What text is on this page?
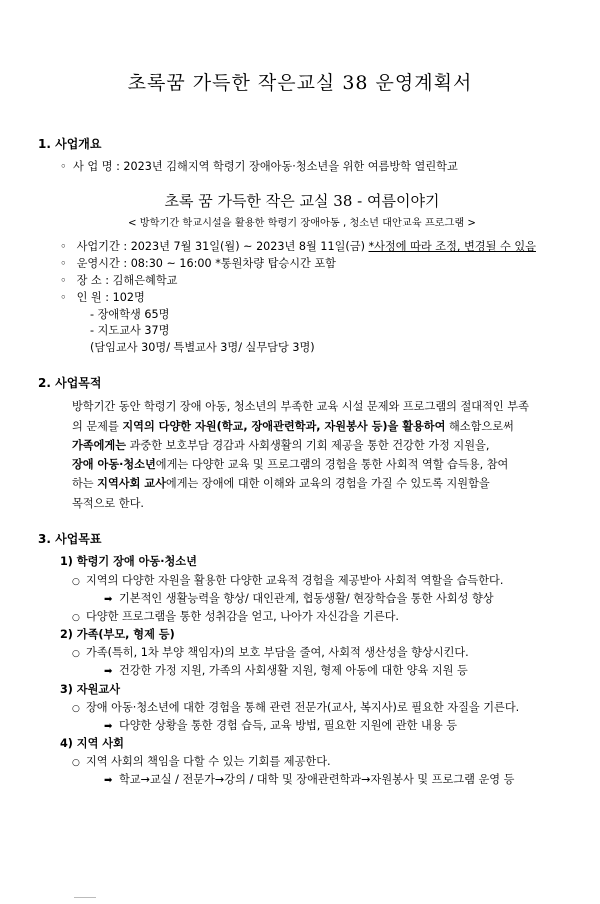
초록꿈 가득한 작은교실 38 운영계획서
1. 사업개요
◦ 사 업 명 : 2023년 김해지역 학령기 장애아동·청소년을 위한 여름방학 열린학교
초록 꿈 가득한 작은 교실 38 - 여름이야기
< 방학기간 학교시설을 활용한 학령기 장애아동 , 청소년 대안교육 프로그램 >
◦ 사업기간 : 2023년 7월 31일(월) ~ 2023년 8월 11일(금) *사정에 따라 조정, 변경될 수 있음
◦ 운영시간 : 08:30 ~ 16:00 *통원차량 탑승시간 포함
◦ 장 소 : 김해은혜학교
◦ 인 원 : 102명
- 장애학생 65명
- 지도교사 37명
(담임교사 30명/ 특별교사 3명/ 실무담당 3명)
2. 사업목적
방학기간 동안 학령기 장애 아동, 청소년의 부족한 교육 시설 문제와 프로그램의 절대적인 부족
의 문제를 지역의 다양한 자원(학교, 장애관련학과, 자원봉사 등)을 활용하여 해소함으로써
가족에게는 과중한 보호부담 경감과 사회생활의 기회 제공을 통한 건강한 가정 지원을,
장애 아동·청소년에게는 다양한 교육 및 프로그램의 경험을 통한 사회적 역할 습득용, 참여
하는 지역사회 교사에게는 장애에 대한 이해와 교육의 경험을 가질 수 있도록 지원함을
목적으로 한다.
3. 사업목표
1) 학령기 장애 아동·청소년
○ 지역의 다양한 자원을 활용한 다양한 교육적 경험을 제공받아 사회적 역할을 습득한다.
➡ 기본적인 생활능력을 향상/ 대인관계, 협동생활/ 현장학습을 통한 사회성 향상
○ 다양한 프로그램을 통한 성취감을 얻고, 나아가 자신감을 기른다.
2) 가족(부모, 형제 등)
○ 가족(특히, 1차 부양 책임자)의 보호 부담을 줄여, 사회적 생산성을 향상시킨다.
➡ 건강한 가정 지원, 가족의 사회생활 지원, 형제 아동에 대한 양육 지원 등
3) 자원교사
○ 장애 아동·청소년에 대한 경험을 통해 관련 전문가(교사, 복지사)로 필요한 자질을 기른다.
➡ 다양한 상황을 통한 경험 습득, 교육 방법, 필요한 지원에 관한 내용 등
4) 지역 사회
○ 지역 사회의 책임을 다할 수 있는 기회를 제공한다.
➡ 학교→교실 / 전문가→강의 / 대학 및 장애관련학과→자원봉사 및 프로그램 운영 등
